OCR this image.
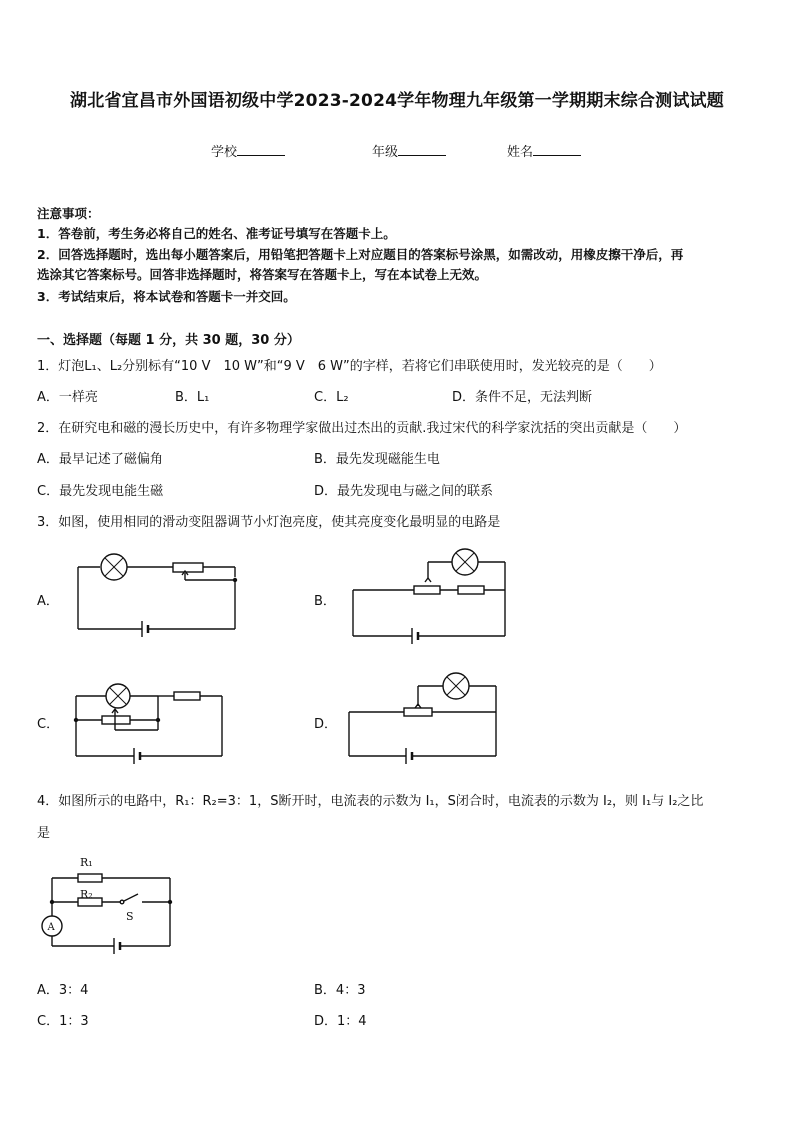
湖北省宜昌市外国语初级中学2023-2024学年物理九年级第一学期期末综合测试试题
学校	年级	姓名
注意事项：
1．答卷前，考生务必将自己的姓名、准考证号填写在答题卡上。
2．回答选择题时，选出每小题答案后，用铅笔把答题卡上对应题目的答案标号涂黑，如需改动，用橡皮擦干净后，再
选涂其它答案标号。回答非选择题时，将答案写在答题卡上，写在本试卷上无效。
3．考试结束后，将本试卷和答题卡一并交回。
一、选择题（每题 1 分，共 30 题，30 分）
1．灯泡L₁、L₂分别标有“10 V　10 W”和“9 V　6 W”的字样，若将它们串联使用时，发光较亮的是（　　）
A．一样亮	B．L₁	C．L₂	D．条件不足，无法判断
2．在研究电和磁的漫长历史中，有许多物理学家做出过杰出的贡献.我过宋代的科学家沈括的突出贡献是（　　）
A．最早记述了磁偏角	B．最先发现磁能生电
C．最先发现电能生磁	D．最先发现电与磁之间的联系
3．如图，使用相同的滑动变阻器调节小灯泡亮度，使其亮度变化最明显的电路是
A．	B．
C．	D．
4．如图所示的电路中，R₁：R₂=3：1，S断开时，电流表的示数为 I₁，S闭合时，电流表的示数为 I₂，则 I₁与 I₂之比
是
R₁
R₂
S
A
A．3：4	B．4：3
C．1：3	D．1：4
